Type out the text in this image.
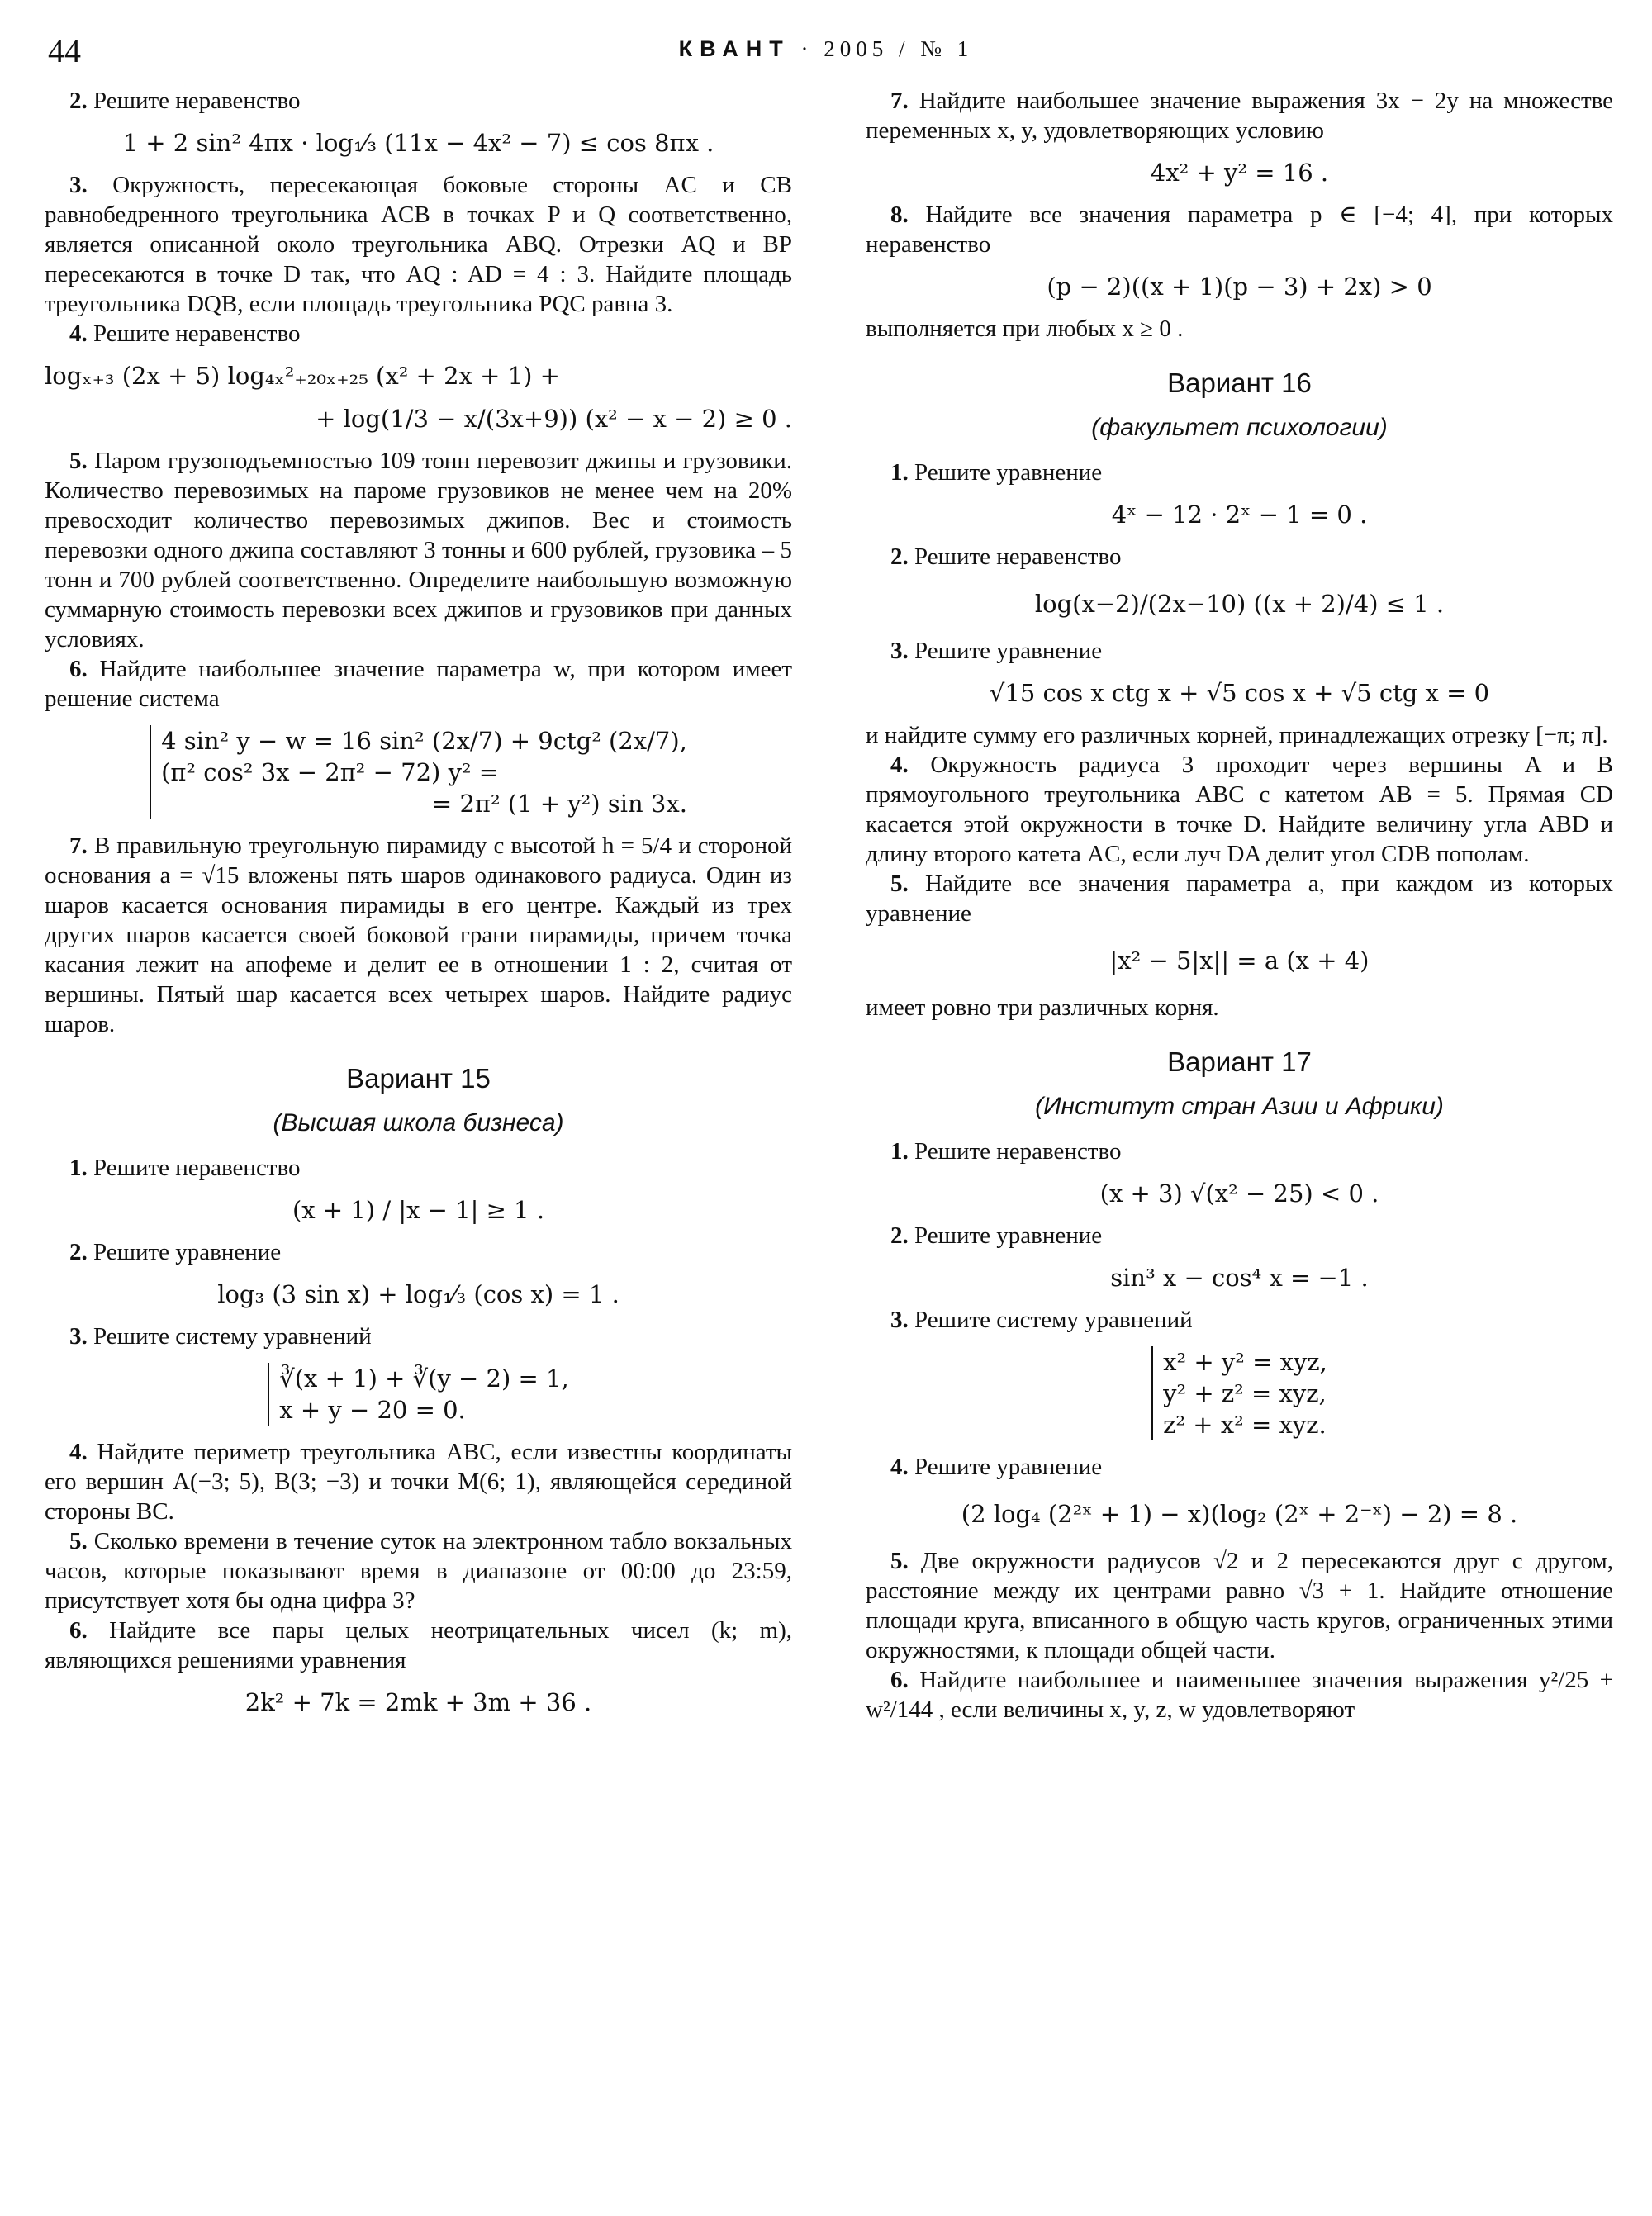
44	КВАНТ · 2005 / № 1

2. Решите неравенство

1 + 2 sin² 4πx · log₁⁄₃ (11x − 4x² − 7) ≤ cos 8πx .

3. Окружность, пересекающая боковые стороны AC и CB равнобедренного треугольника ACB в точках P и Q соответственно, является описанной около треугольника ABQ. Отрезки AQ и BP пересекаются в точке D так, что AQ : AD = 4 : 3. Найдите площадь треугольника DQB, если площадь треугольника PQC равна 3.

4. Решите неравенство

logₓ₊₃ (2x + 5) log₄ₓ²₊₂₀ₓ₊₂₅ (x² + 2x + 1) +
+ log(1/3 − x/(3x+9)) (x² − x − 2) ≥ 0 .

5. Паром грузоподъемностью 109 тонн перевозит джипы и грузовики. Количество перевозимых на пароме грузовиков не менее чем на 20% превосходит количество перевозимых джипов. Вес и стоимость перевозки одного джипа составляют 3 тонны и 600 рублей, грузовика – 5 тонн и 700 рублей соответственно. Определите наибольшую возможную суммарную стоимость перевозки всех джипов и грузовиков при данных условиях.

6. Найдите наибольшее значение параметра w, при котором имеет решение система

4 sin² y − w = 16 sin² (2x/7) + 9ctg² (2x/7),
(π² cos² 3x − 2π² − 72) y² =
= 2π² (1 + y²) sin 3x.

7. В правильную треугольную пирамиду с высотой h = 5/4 и стороной основания a = √15 вложены пять шаров одинакового радиуса. Один из шаров касается основания пирамиды в его центре. Каждый из трех других шаров касается своей боковой грани пирамиды, причем точка касания лежит на апофеме и делит ее в отношении 1 : 2, считая от вершины. Пятый шар касается всех четырех шаров. Найдите радиус шаров.

Вариант 15
(Высшая школа бизнеса)

1. Решите неравенство

(x + 1) / |x − 1| ≥ 1 .

2. Решите уравнение

log₃ (3 sin x) + log₁⁄₃ (cos x) = 1 .

3. Решите систему уравнений

∛(x + 1) + ∛(y − 2) = 1,
x + y − 20 = 0.

4. Найдите периметр треугольника ABC, если известны координаты его вершин A(−3; 5), B(3; −3) и точки M(6; 1), являющейся серединой стороны BC.

5. Сколько времени в течение суток на электронном табло вокзальных часов, которые показывают время в диапазоне от 00:00 до 23:59, присутствует хотя бы одна цифра 3?

6. Найдите все пары целых неотрицательных чисел (k; m), являющихся решениями уравнения

2k² + 7k = 2mk + 3m + 36 .

7. Найдите наибольшее значение выражения 3x − 2y на множестве переменных x, y, удовлетворяющих условию

4x² + y² = 16 .

8. Найдите все значения параметра p ∈ [−4; 4], при которых неравенство

(p − 2)((x + 1)(p − 3) + 2x) > 0

выполняется при любых x ≥ 0 .

Вариант 16
(факультет психологии)

1. Решите уравнение

4ˣ − 12 · 2ˣ − 1 = 0 .

2. Решите неравенство

log(x−2)/(2x−10) ((x + 2)/4) ≤ 1 .

3. Решите уравнение

√15 cos x ctg x + √5 cos x + √5 ctg x = 0

и найдите сумму его различных корней, принадлежащих отрезку [−π; π].

4. Окружность радиуса 3 проходит через вершины A и B прямоугольного треугольника ABC с катетом AB = 5. Прямая CD касается этой окружности в точке D. Найдите величину угла ABD и длину второго катета AC, если луч DA делит угол CDB пополам.

5. Найдите все значения параметра a, при каждом из которых уравнение

|x² − 5|x|| = a (x + 4)

имеет ровно три различных корня.

Вариант 17
(Институт стран Азии и Африки)

1. Решите неравенство

(x + 3) √(x² − 25) < 0 .

2. Решите уравнение

sin³ x − cos⁴ x = −1 .

3. Решите систему уравнений

x² + y² = xyz,
y² + z² = xyz,
z² + x² = xyz.

4. Решите уравнение

(2 log₄ (2²ˣ + 1) − x)(log₂ (2ˣ + 2⁻ˣ) − 2) = 8 .

5. Две окружности радиусов √2 и 2 пересекаются друг с другом, расстояние между их центрами равно √3 + 1. Найдите отношение площади круга, вписанного в общую часть кругов, ограниченных этими окружностями, к площади общей части.

6. Найдите наибольшее и наименьшее значения выражения y²/25 + w²/144 , если величины x, y, z, w удовлетворяют
